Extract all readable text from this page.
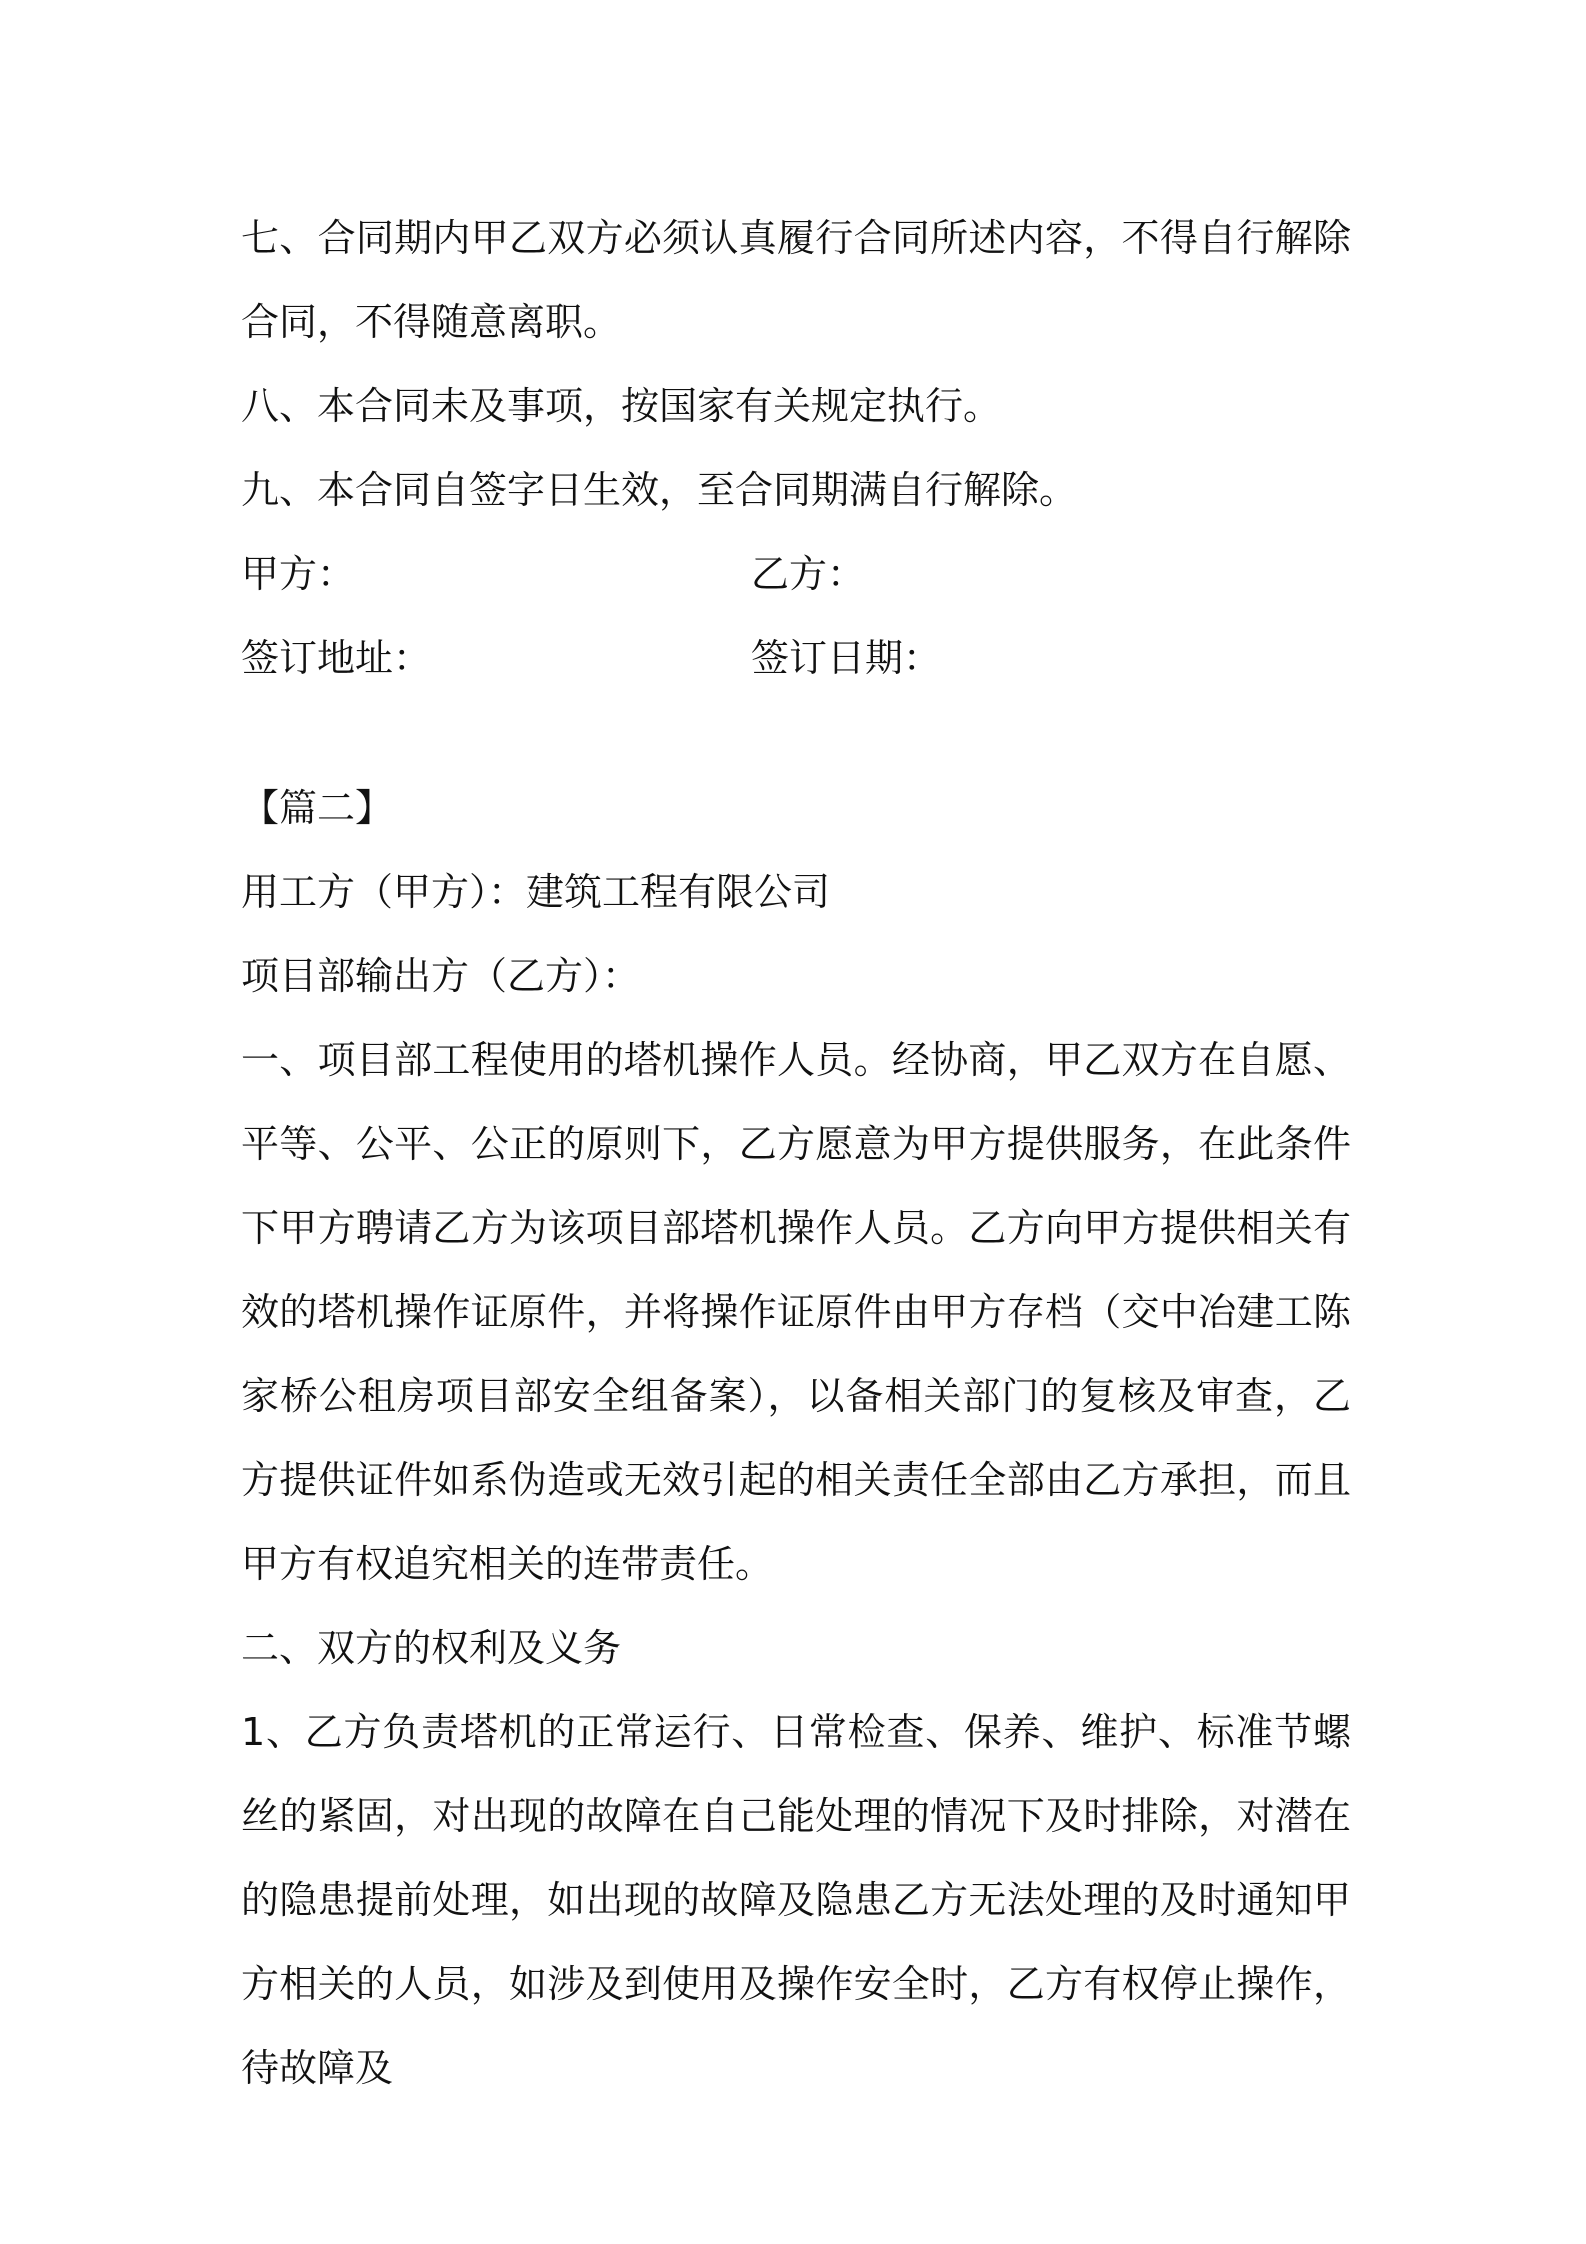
七、合同期内甲乙双方必须认真履行合同所述内容，不得自行解除合同，不得随意离职。

八、本合同未及事项，按国家有关规定执行。

九、本合同自签字日生效，至合同期满自行解除。

甲方：	乙方：
签订地址：	签订日期：

【篇二】

用工方（甲方）：建筑工程有限公司

项目部输出方（乙方）：

一、项目部工程使用的塔机操作人员。经协商，甲乙双方在自愿、平等、公平、公正的原则下，乙方愿意为甲方提供服务，在此条件下甲方聘请乙方为该项目部塔机操作人员。乙方向甲方提供相关有效的塔机操作证原件，并将操作证原件由甲方存档（交中冶建工陈家桥公租房项目部安全组备案），以备相关部门的复核及审查，乙方提供证件如系伪造或无效引起的相关责任全部由乙方承担，而且甲方有权追究相关的连带责任。

二、双方的权利及义务

1、乙方负责塔机的正常运行、日常检查、保养、维护、标准节螺丝的紧固，对出现的故障在自己能处理的情况下及时排除，对潜在的隐患提前处理，如出现的故障及隐患乙方无法处理的及时通知甲方相关的人员，如涉及到使用及操作安全时，乙方有权停止操作，待故障及
